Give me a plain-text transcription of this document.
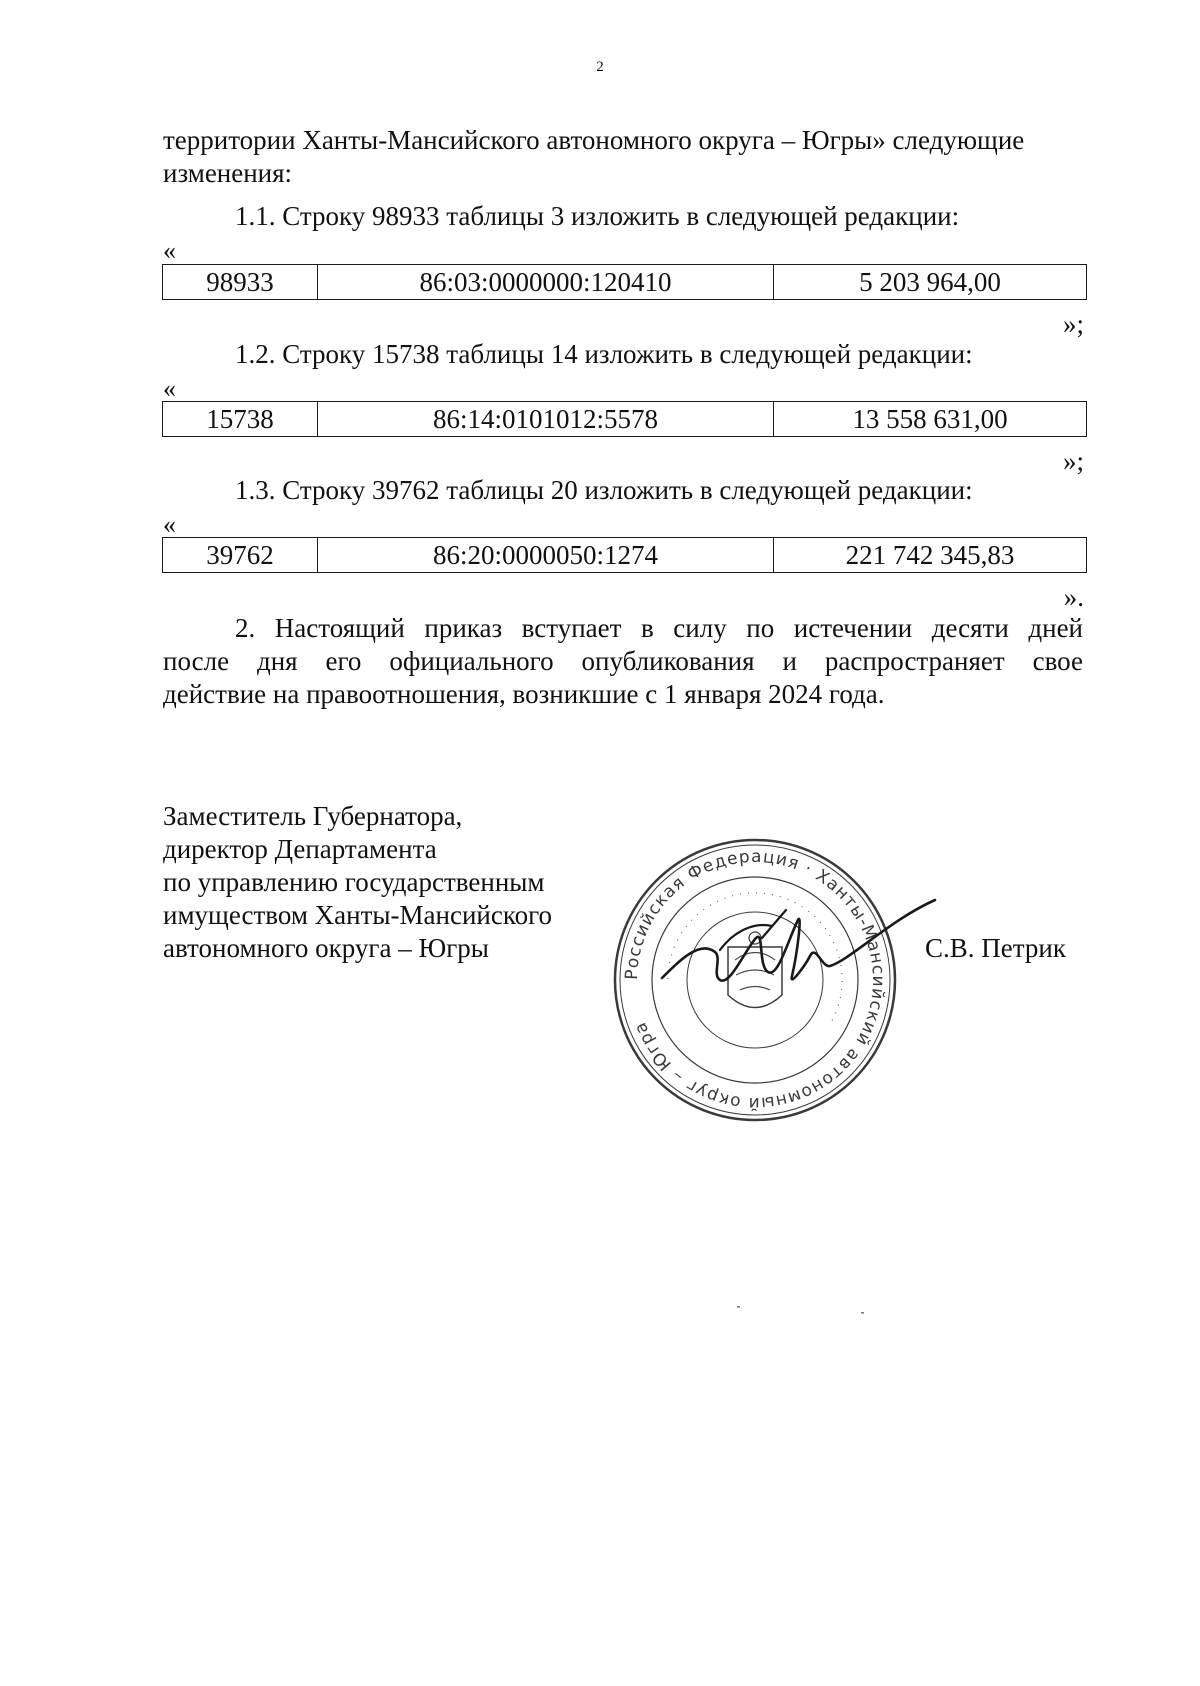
2
территории Ханты-Мансийского автономного округа – Югры» следующие
изменения:
1.1. Строку 98933 таблицы 3 изложить в следующей редакции:
«
98933	86:03:0000000:120410	5 203 964,00
»;
1.2. Строку 15738 таблицы 14 изложить в следующей редакции:
«
15738	86:14:0101012:5578	13 558 631,00
»;
1.3. Строку 39762 таблицы 20 изложить в следующей редакции:
«
39762	86:20:0000050:1274	221 742 345,83
».
2. Настоящий приказ вступает в силу по истечении десяти дней
после дня его официального опубликования и распространяет свое
действие на правоотношения, возникшие с 1 января 2024 года.
Заместитель Губернатора,
директор Департамента
по управлению государственным
имуществом Ханты-Мансийского
автономного округа – Югры
Российская Федерация · Ханты-Мансийский автономный округ – Югра
· · · · · · · · · · · · · · · · · · · · · · · · · · · · · · · · · · · · · · · ·
С.В. Петрик
